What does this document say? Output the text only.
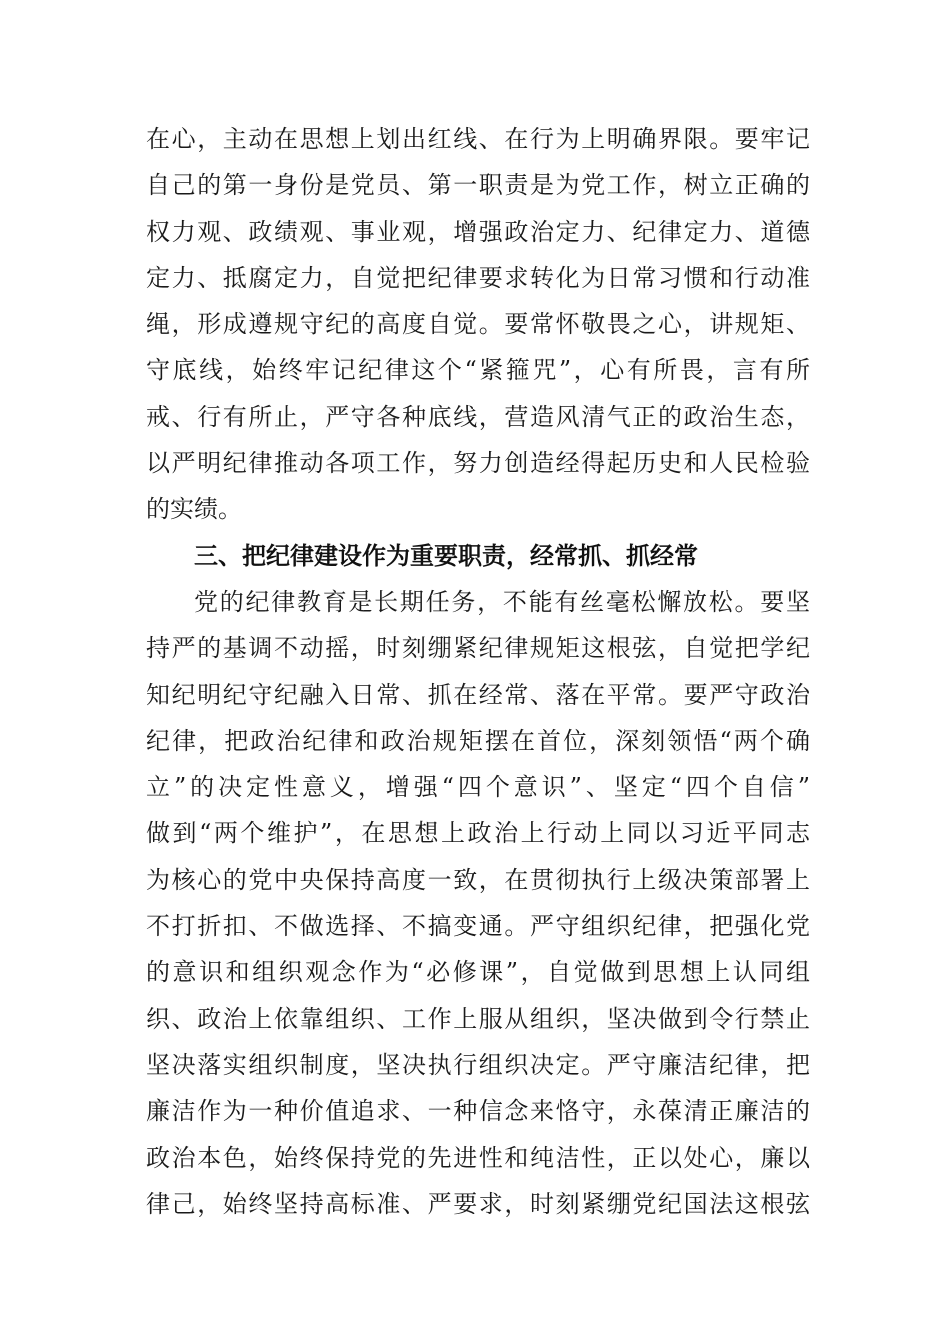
在心，主动在思想上划出红线、在行为上明确界限。要牢记
自己的第一身份是党员、第一职责是为党工作，树立正确的
权力观、政绩观、事业观，增强政治定力、纪律定力、道德
定力、抵腐定力，自觉把纪律要求转化为日常习惯和行动准
绳，形成遵规守纪的高度自觉。要常怀敬畏之心，讲规矩、
守底线，始终牢记纪律这个“紧箍咒”，心有所畏，言有所
戒、行有所止，严守各种底线，营造风清气正的政治生态，
以严明纪律推动各项工作，努力创造经得起历史和人民检验
的实绩。
三、把纪律建设作为重要职责，经常抓、抓经常
党的纪律教育是长期任务，不能有丝毫松懈放松。要坚
持严的基调不动摇，时刻绷紧纪律规矩这根弦，自觉把学纪
知纪明纪守纪融入日常、抓在经常、落在平常。要严守政治
纪律，把政治纪律和政治规矩摆在首位，深刻领悟“两个确
立”的决定性意义，增强“四个意识”、坚定“四个自信”
做到“两个维护”，在思想上政治上行动上同以习近平同志
为核心的党中央保持高度一致，在贯彻执行上级决策部署上
不打折扣、不做选择、不搞变通。严守组织纪律，把强化党
的意识和组织观念作为“必修课”，自觉做到思想上认同组
织、政治上依靠组织、工作上服从组织，坚决做到令行禁止
坚决落实组织制度，坚决执行组织决定。严守廉洁纪律，把
廉洁作为一种价值追求、一种信念来恪守，永葆清正廉洁的
政治本色，始终保持党的先进性和纯洁性，正以处心，廉以
律己，始终坚持高标准、严要求，时刻紧绷党纪国法这根弦
